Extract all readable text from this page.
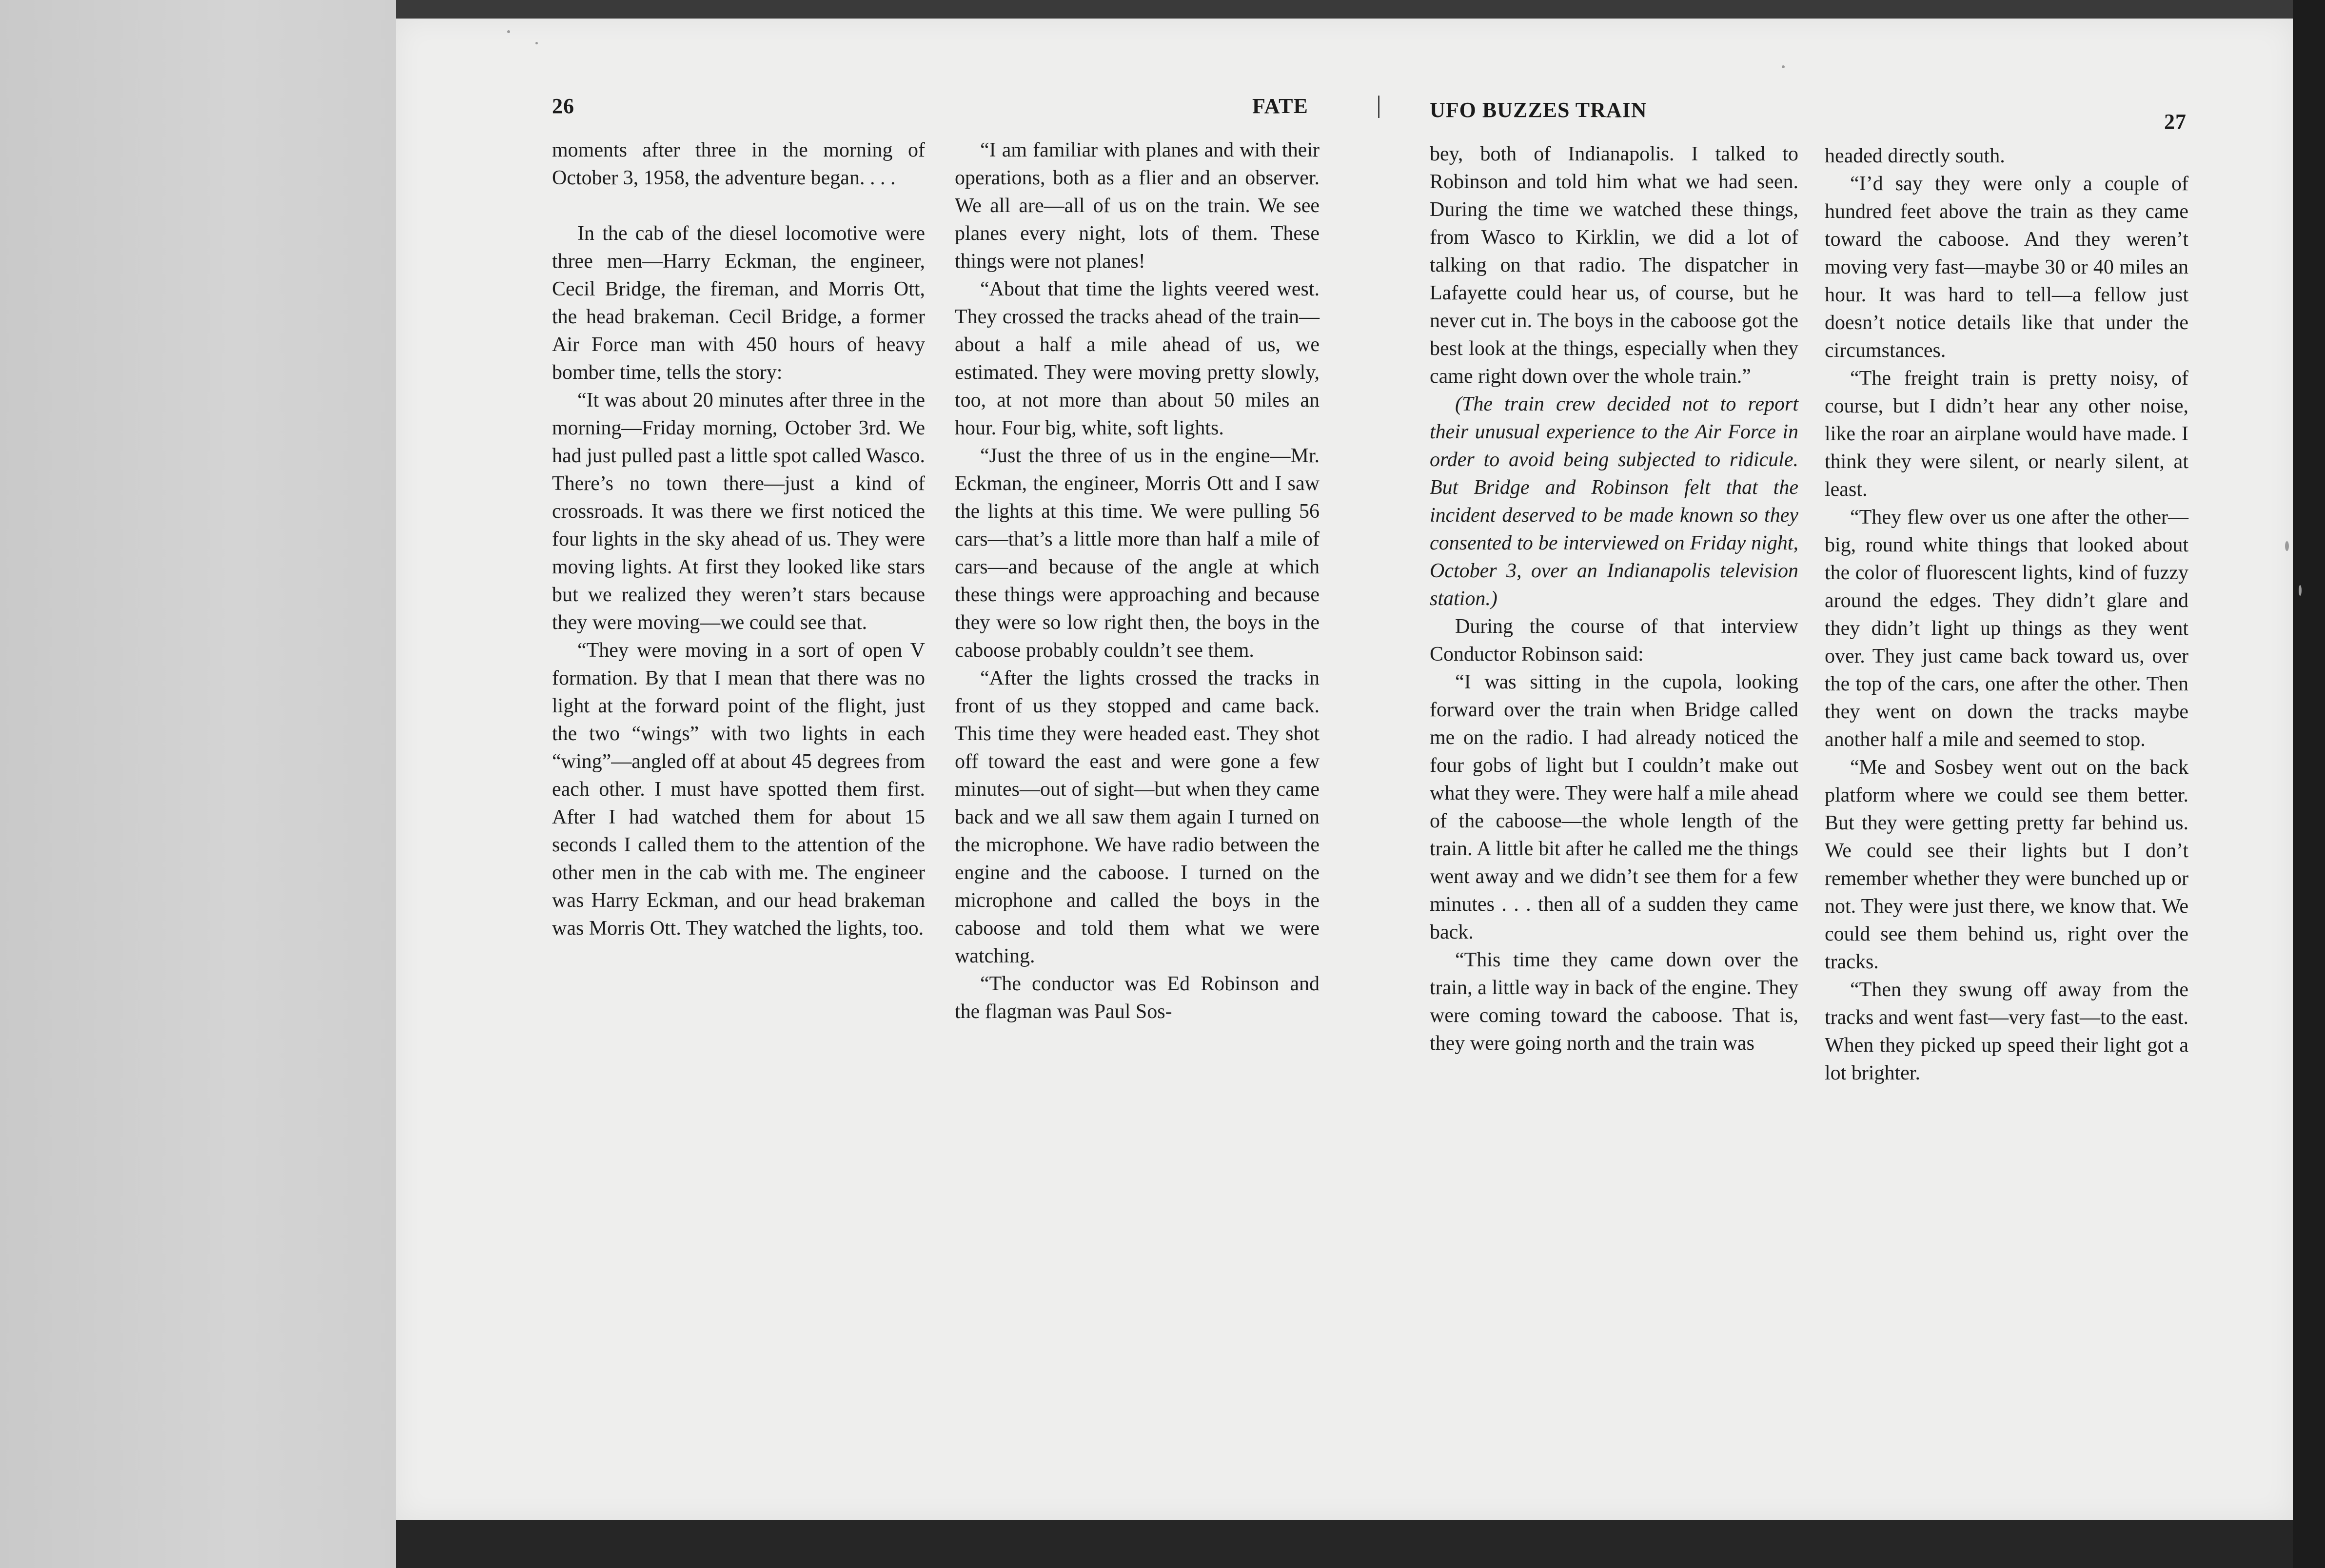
26	FATE	UFO BUZZES TRAIN	27

moments after three in the morning of October 3, 1958, the adventure began. . . .

In the cab of the diesel locomotive were three men—Harry Eckman, the engineer, Cecil Bridge, the fireman, and Morris Ott, the head brakeman. Cecil Bridge, a former Air Force man with 450 hours of heavy bomber time, tells the story:

“It was about 20 minutes after three in the morning—Friday morning, October 3rd. We had just pulled past a little spot called Wasco. There’s no town there—just a kind of crossroads. It was there we first noticed the four lights in the sky ahead of us. They were moving lights. At first they looked like stars but we realized they weren’t stars because they were moving—we could see that.

“They were moving in a sort of open V formation. By that I mean that there was no light at the forward point of the flight, just the two “wings” with two lights in each “wing”—angled off at about 45 degrees from each other. I must have spotted them first. After I had watched them for about 15 seconds I called them to the attention of the other men in the cab with me. The engineer was Harry Eckman, and our head brakeman was Morris Ott. They watched the lights, too.

“I am familiar with planes and with their operations, both as a flier and an observer. We all are—all of us on the train. We see planes every night, lots of them. These things were not planes!

“About that time the lights veered west. They crossed the tracks ahead of the train—about a half a mile ahead of us, we estimated. They were moving pretty slowly, too, at not more than about 50 miles an hour. Four big, white, soft lights.

“Just the three of us in the engine—Mr. Eckman, the engineer, Morris Ott and I saw the lights at this time. We were pulling 56 cars—that’s a little more than half a mile of cars—and because of the angle at which these things were approaching and because they were so low right then, the boys in the caboose probably couldn’t see them.

“After the lights crossed the tracks in front of us they stopped and came back. This time they were headed east. They shot off toward the east and were gone a few minutes—out of sight—but when they came back and we all saw them again I turned on the microphone. We have radio between the engine and the caboose. I turned on the microphone and called the boys in the caboose and told them what we were watching.

“The conductor was Ed Robinson and the flagman was Paul Sos-

bey, both of Indianapolis. I talked to Robinson and told him what we had seen. During the time we watched these things, from Wasco to Kirklin, we did a lot of talking on that radio. The dispatcher in Lafayette could hear us, of course, but he never cut in. The boys in the caboose got the best look at the things, especially when they came right down over the whole train.”

(The train crew decided not to report their unusual experience to the Air Force in order to avoid being subjected to ridicule. But Bridge and Robinson felt that the incident deserved to be made known so they consented to be interviewed on Friday night, October 3, over an Indianapolis television station.)

During the course of that interview Conductor Robinson said:

“I was sitting in the cupola, looking forward over the train when Bridge called me on the radio. I had already noticed the four gobs of light but I couldn’t make out what they were. They were half a mile ahead of the caboose—the whole length of the train. A little bit after he called me the things went away and we didn’t see them for a few minutes . . . then all of a sudden they came back.

“This time they came down over the train, a little way in back of the engine. They were coming toward the caboose. That is, they were going north and the train was

headed directly south.

“I’d say they were only a couple of hundred feet above the train as they came toward the caboose. And they weren’t moving very fast—maybe 30 or 40 miles an hour. It was hard to tell—a fellow just doesn’t notice details like that under the circumstances.

“The freight train is pretty noisy, of course, but I didn’t hear any other noise, like the roar an airplane would have made. I think they were silent, or nearly silent, at least.

“They flew over us one after the other—big, round white things that looked about the color of fluorescent lights, kind of fuzzy around the edges. They didn’t glare and they didn’t light up things as they went over. They just came back toward us, over the top of the cars, one after the other. Then they went on down the tracks maybe another half a mile and seemed to stop.

“Me and Sosbey went out on the back platform where we could see them better. But they were getting pretty far behind us. We could see their lights but I don’t remember whether they were bunched up or not. They were just there, we know that. We could see them behind us, right over the tracks.

“Then they swung off away from the tracks and went fast—very fast—to the east. When they picked up speed their light got a lot brighter.
